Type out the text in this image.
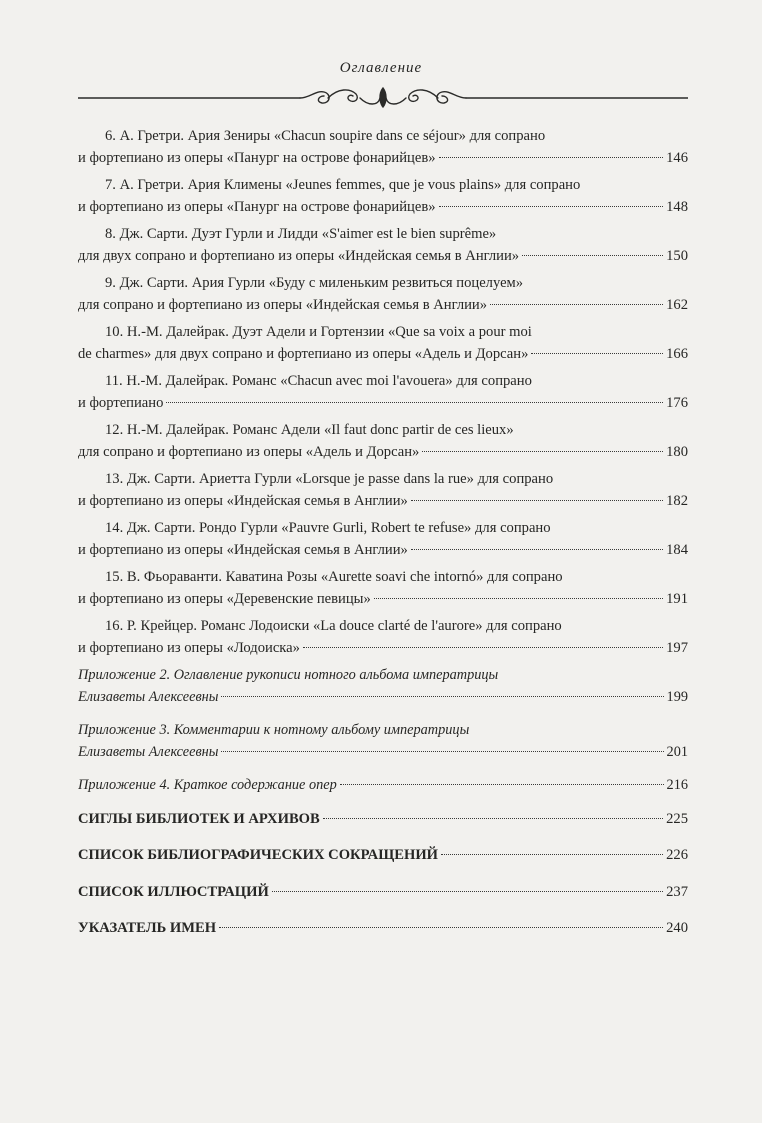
Оглавление
6. А. Гретри. Ария Зениры «Chacun soupire dans ce séjour» для сопрано
и фортепиано из оперы «Панург на острове фонарийцев»	146
7. А. Гретри. Ария Климены «Jeunes femmes, que je vous plains» для сопрано
и фортепиано из оперы «Панург на острове фонарийцев»	148
8. Дж. Сарти. Дуэт Гурли и Лидди «S'aimer est le bien suprême»
для двух сопрано и фортепиано из оперы «Индейская семья в Англии»	150
9. Дж. Сарти. Ария Гурли «Буду с миленьким резвиться поцелуем»
для сопрано и фортепиано из оперы «Индейская семья в Англии»	162
10. Н.-М. Далейрак. Дуэт Адели и Гортензии «Que sa voix a pour moi
de charmes» для двух сопрано и фортепиано из оперы «Адель и Дорсан»	166
11. Н.-М. Далейрак. Романс «Chacun avec moi l'avouera» для сопрано
и фортепиано	176
12. Н.-М. Далейрак. Романс Адели «Il faut donc partir de ces lieux»
для сопрано и фортепиано из оперы «Адель и Дорсан»	180
13. Дж. Сарти. Ариетта Гурли «Lorsque je passe dans la rue» для сопрано
и фортепиано из оперы «Индейская семья в Англии»	182
14. Дж. Сарти. Рондо Гурли «Pauvre Gurli, Robert te refuse» для сопрано
и фортепиано из оперы «Индейская семья в Англии»	184
15. В. Фьораванти. Каватина Розы «Aurette soavi che intornó» для сопрано
и фортепиано из оперы «Деревенские певицы»	191
16. Р. Крейцер. Романс Лодоиски «La douce clarté de l'aurore» для сопрано
и фортепиано из оперы «Лодоиска»	197
Приложение 2. Оглавление рукописи нотного альбома императрицы
Елизаветы Алексеевны	199
Приложение 3. Комментарии к нотному альбому императрицы
Елизаветы Алексеевны	201
Приложение 4. Краткое содержание опер	216
СИГЛЫ БИБЛИОТЕК И АРХИВОВ	225
СПИСОК БИБЛИОГРАФИЧЕСКИХ СОКРАЩЕНИЙ	226
СПИСОК ИЛЛЮСТРАЦИЙ	237
УКАЗАТЕЛЬ ИМЕН	240
